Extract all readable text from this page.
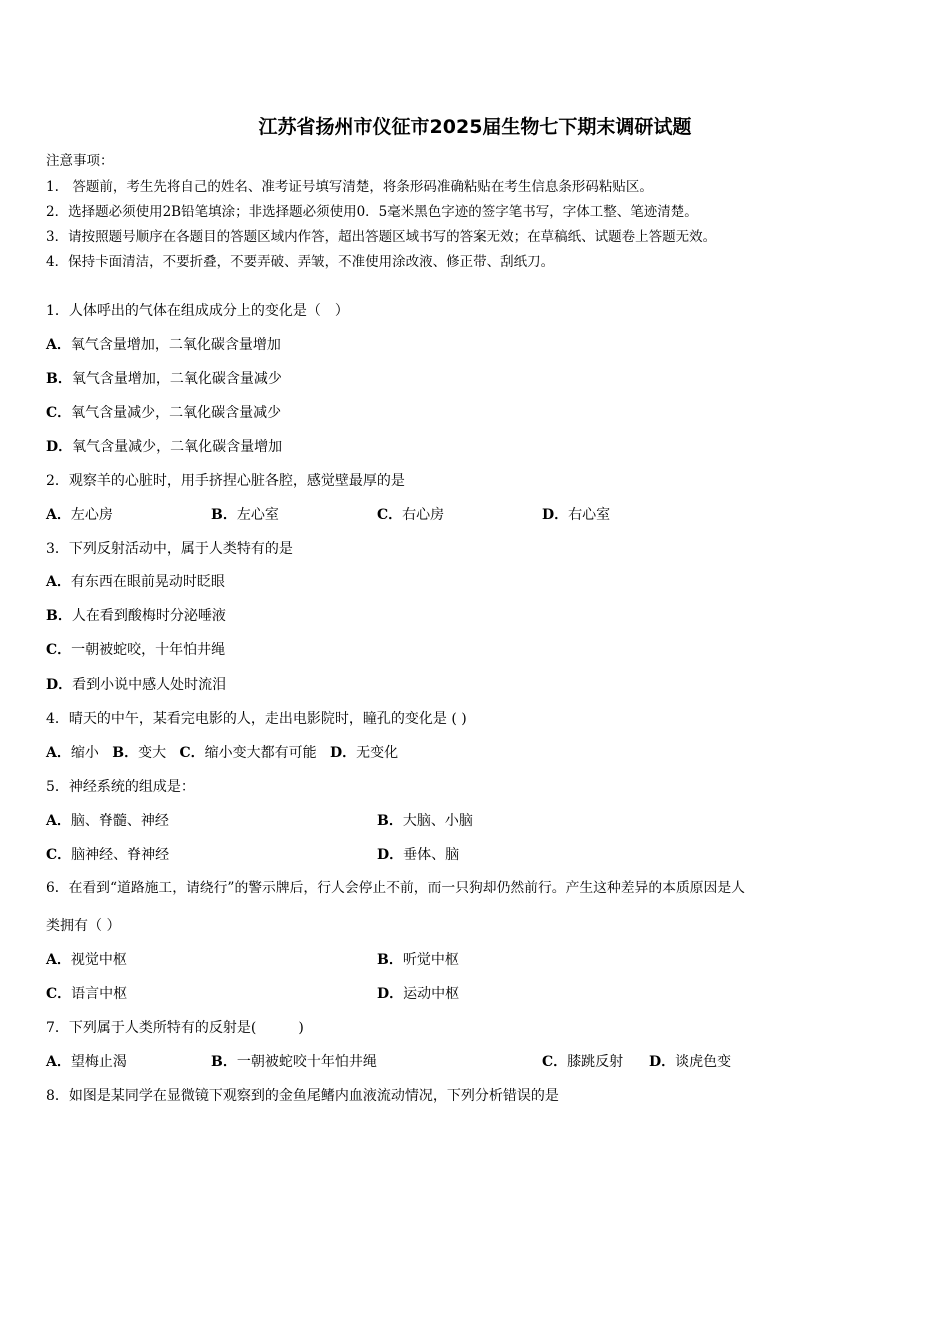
江苏省扬州市仪征市2025届生物七下期末调研试题
注意事项：
1.　答题前，考生先将自己的姓名、准考证号填写清楚，将条形码准确粘贴在考生信息条形码粘贴区。
2．选择题必须使用2B铅笔填涂；非选择题必须使用0．5毫米黑色字迹的签字笔书写，字体工整、笔迹清楚。
3．请按照题号顺序在各题目的答题区域内作答，超出答题区域书写的答案无效；在草稿纸、试题卷上答题无效。
4．保持卡面清洁，不要折叠，不要弄破、弄皱，不准使用涂改液、修正带、刮纸刀。
1．人体呼出的气体在组成成分上的变化是（　）
A．氧气含量增加，二氧化碳含量增加
B．氧气含量增加，二氧化碳含量减少
C．氧气含量减少，二氧化碳含量减少
D．氧气含量减少，二氧化碳含量增加
2．观察羊的心脏时，用手挤捏心脏各腔，感觉壁最厚的是
A．左心房	B．左心室	C．右心房	D．右心室
3．下列反射活动中，属于人类特有的是
A．有东西在眼前晃动时眨眼
B．人在看到酸梅时分泌唾液
C．一朝被蛇咬，十年怕井绳
D．看到小说中感人处时流泪
4．晴天的中午，某看完电影的人，走出电影院时，瞳孔的变化是 ( )
A．缩小 B．变大 C．缩小变大都有可能 D．无变化
5．神经系统的组成是：
A．脑、脊髓、神经	B．大脑、小脑
C．脑神经、脊神经	D．垂体、脑
6．在看到“道路施工，请绕行”的警示牌后，行人会停止不前，而一只狗却仍然前行。产生这种差异的本质原因是人
类拥有（ ）
A．视觉中枢	B．听觉中枢
C．语言中枢	D．运动中枢
7．下列属于人类所特有的反射是(　　　)
A．望梅止渴	B．一朝被蛇咬十年怕井绳	C．膝跳反射 D．谈虎色变
8．如图是某同学在显微镜下观察到的金鱼尾鳍内血液流动情况，下列分析错误的是
